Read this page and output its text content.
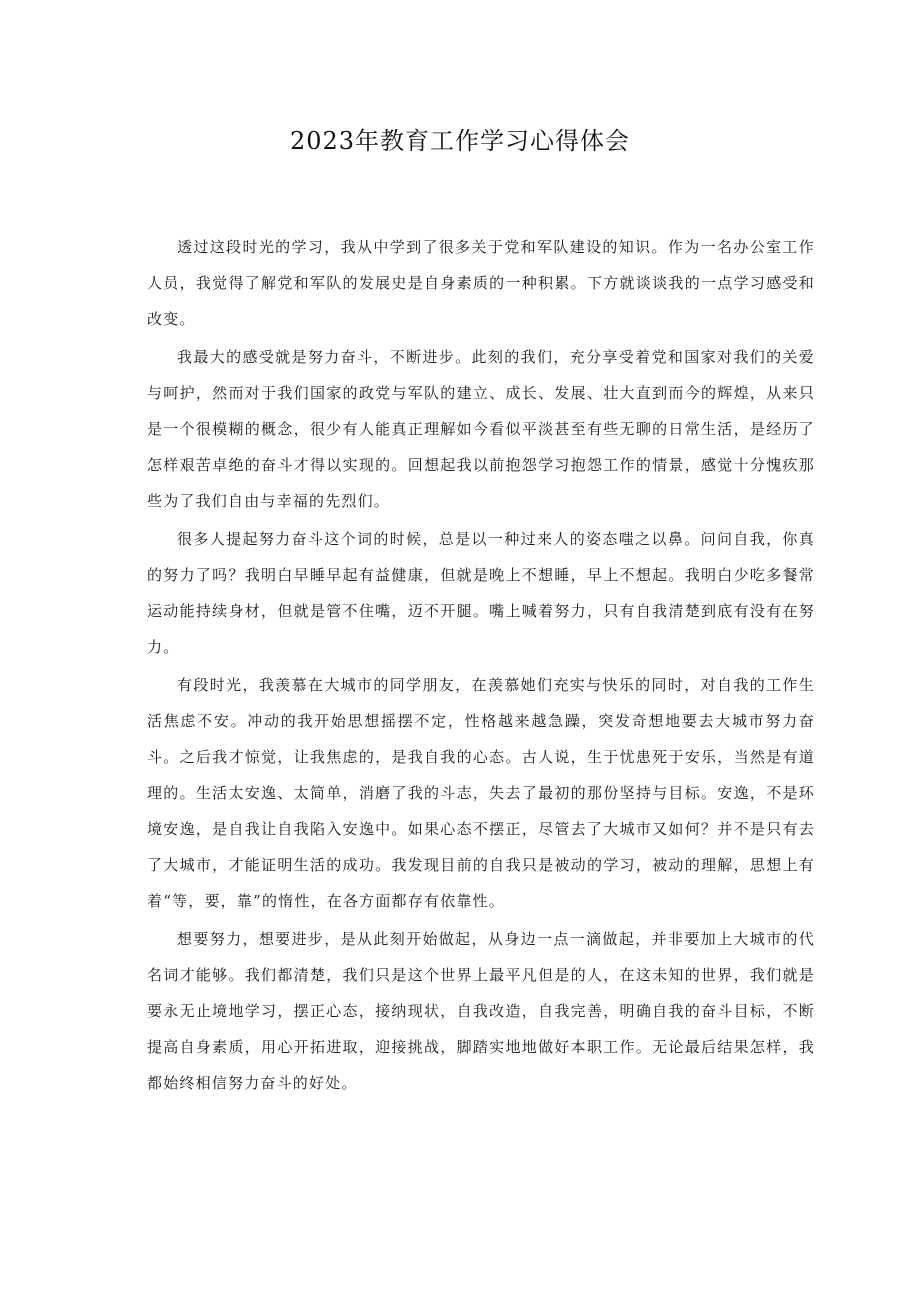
2023年教育工作学习心得体会

透过这段时光的学习，我从中学到了很多关于党和军队建设的知识。作为一名办公室工作人员，我觉得了解党和军队的发展史是自身素质的一种积累。下方就谈谈我的一点学习感受和改变。

我最大的感受就是努力奋斗，不断进步。此刻的我们，充分享受着党和国家对我们的关爱与呵护，然而对于我们国家的政党与军队的建立、成长、发展、壮大直到而今的辉煌，从来只是一个很模糊的概念，很少有人能真正理解如今看似平淡甚至有些无聊的日常生活，是经历了怎样艰苦卓绝的奋斗才得以实现的。回想起我以前抱怨学习抱怨工作的情景，感觉十分愧疚那些为了我们自由与幸福的先烈们。

很多人提起努力奋斗这个词的时候，总是以一种过来人的姿态嗤之以鼻。问问自我，你真的努力了吗？我明白早睡早起有益健康，但就是晚上不想睡，早上不想起。我明白少吃多餐常运动能持续身材，但就是管不住嘴，迈不开腿。嘴上喊着努力，只有自我清楚到底有没有在努力。

有段时光，我羡慕在大城市的同学朋友，在羡慕她们充实与快乐的同时，对自我的工作生活焦虑不安。冲动的我开始思想摇摆不定，性格越来越急躁，突发奇想地要去大城市努力奋斗。之后我才惊觉，让我焦虑的，是我自我的心态。古人说，生于忧患死于安乐，当然是有道理的。生活太安逸、太简单，消磨了我的斗志，失去了最初的那份坚持与目标。安逸，不是环境安逸，是自我让自我陷入安逸中。如果心态不摆正，尽管去了大城市又如何？并不是只有去了大城市，才能证明生活的成功。我发现目前的自我只是被动的学习，被动的理解，思想上有着“等，要，靠”的惰性，在各方面都存有依靠性。

想要努力，想要进步，是从此刻开始做起，从身边一点一滴做起，并非要加上大城市的代名词才能够。我们都清楚，我们只是这个世界上最平凡但是的人，在这未知的世界，我们就是要永无止境地学习，摆正心态，接纳现状，自我改造，自我完善，明确自我的奋斗目标，不断提高自身素质，用心开拓进取，迎接挑战，脚踏实地地做好本职工作。无论最后结果怎样，我都始终相信努力奋斗的好处。
